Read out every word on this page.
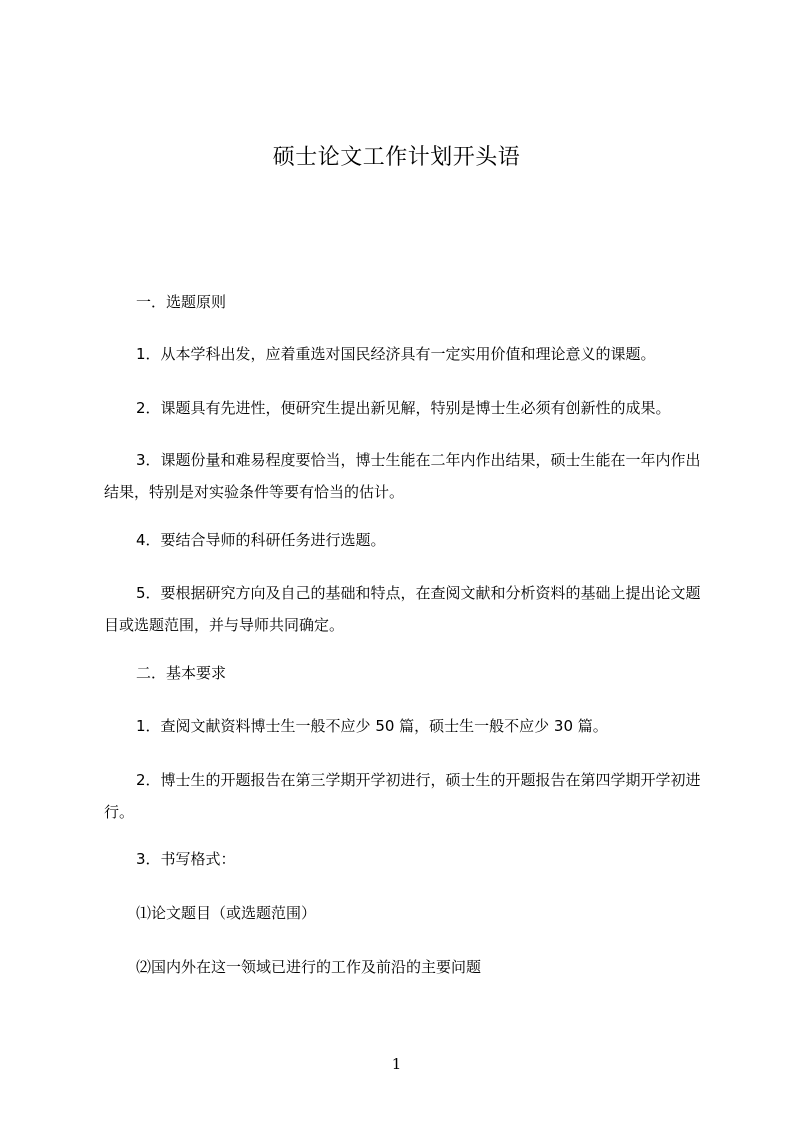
硕士论文工作计划开头语
一．选题原则
1．从本学科出发，应着重选对国民经济具有一定实用价值和理论意义的课题。
2．课题具有先进性，便研究生提出新见解，特别是博士生必须有创新性的成果。
3．课题份量和难易程度要恰当，博士生能在二年内作出结果，硕士生能在一年内作出结果，特别是对实验条件等要有恰当的估计。
4．要结合导师的科研任务进行选题。
5．要根据研究方向及自己的基础和特点，在查阅文献和分析资料的基础上提出论文题目或选题范围，并与导师共同确定。
二．基本要求
1．查阅文献资料博士生一般不应少 50 篇，硕士生一般不应少 30 篇。
2．博士生的开题报告在第三学期开学初进行，硕士生的开题报告在第四学期开学初进行。
3．书写格式：
⑴论文题目（或选题范围）
⑵国内外在这一领域已进行的工作及前沿的主要问题
1
